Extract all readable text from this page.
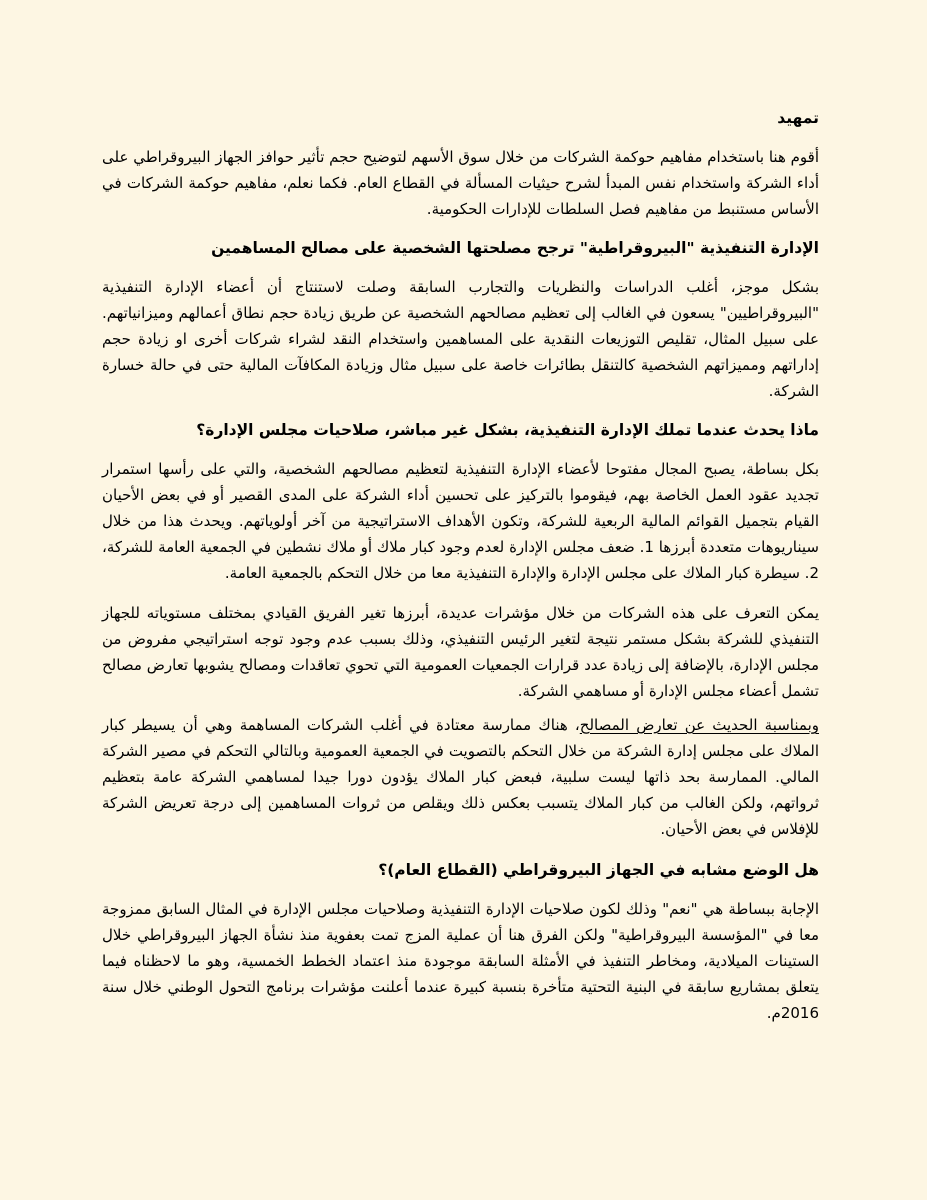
تمهيد

أقوم هنا باستخدام مفاهيم حوكمة الشركات من خلال سوق الأسهم لتوضيح حجم تأثير حوافز الجهاز البيروقراطي على أداء الشركة واستخدام نفس المبدأ لشرح حيثيات المسألة في القطاع العام. فكما نعلم، مفاهيم حوكمة الشركات في الأساس مستنبط من مفاهيم فصل السلطات للإدارات الحكومية.

الإدارة التنفيذية "البيروقراطية" ترجح مصلحتها الشخصية على مصالح المساهمين

بشكل موجز، أغلب الدراسات والنظريات والتجارب السابقة وصلت لاستنتاج أن أعضاء الإدارة التنفيذية "البيروقراطيين" يسعون في الغالب إلى تعظيم مصالحهم الشخصية عن طريق زيادة حجم نطاق أعمالهم وميزانياتهم. على سبيل المثال، تقليص التوزيعات النقدية على المساهمين واستخدام النقد لشراء شركات أخرى او زيادة حجم إداراتهم ومميزاتهم الشخصية كالتنقل بطائرات خاصة على سبيل مثال وزيادة المكافآت المالية حتى في حالة خسارة الشركة.

ماذا يحدث عندما تملك الإدارة التنفيذية، بشكل غير مباشر، صلاحيات مجلس الإدارة؟

بكل بساطة، يصبح المجال مفتوحا لأعضاء الإدارة التنفيذية لتعظيم مصالحهم الشخصية، والتي على رأسها استمرار تجديد عقود العمل الخاصة بهم، فيقوموا بالتركيز على تحسين أداء الشركة على المدى القصير أو في بعض الأحيان القيام بتجميل القوائم المالية الربعية للشركة، وتكون الأهداف الاستراتيجية من آخر أولوياتهم. ويحدث هذا من خلال سيناريوهات متعددة أبرزها 1. ضعف مجلس الإدارة لعدم وجود كبار ملاك أو ملاك نشطين في الجمعية العامة للشركة، 2. سيطرة كبار الملاك على مجلس الإدارة والإدارة التنفيذية معا من خلال التحكم بالجمعية العامة.

يمكن التعرف على هذه الشركات من خلال مؤشرات عديدة، أبرزها تغير الفريق القيادي بمختلف مستوياته للجهاز التنفيذي للشركة بشكل مستمر نتيجة لتغير الرئيس التنفيذي، وذلك بسبب عدم وجود توجه استراتيجي مفروض من مجلس الإدارة، بالإضافة إلى زيادة عدد قرارات الجمعيات العمومية التي تحوي تعاقدات ومصالح يشوبها تعارض مصالح تشمل أعضاء مجلس الإدارة أو مساهمي الشركة.

وبمناسبة الحديث عن تعارض المصالح، هناك ممارسة معتادة في أغلب الشركات المساهمة وهي أن يسيطر كبار الملاك على مجلس إدارة الشركة من خلال التحكم بالتصويت في الجمعية العمومية وبالتالي التحكم في مصير الشركة المالي. الممارسة بحد ذاتها ليست سلبية، فبعض كبار الملاك يؤدون دورا جيدا لمساهمي الشركة عامة بتعظيم ثرواتهم، ولكن الغالب من كبار الملاك يتسبب بعكس ذلك ويقلص من ثروات المساهمين إلى درجة تعريض الشركة للإفلاس في بعض الأحيان.

هل الوضع مشابه في الجهاز البيروقراطي (القطاع العام)؟

الإجابة ببساطة هي "نعم" وذلك لكون صلاحيات الإدارة التنفيذية وصلاحيات مجلس الإدارة في المثال السابق ممزوجة معا في "المؤسسة البيروقراطية" ولكن الفرق هنا أن عملية المزج تمت بعفوية منذ نشأة الجهاز البيروقراطي خلال الستينات الميلادية، ومخاطر التنفيذ في الأمثلة السابقة موجودة منذ اعتماد الخطط الخمسية، وهو ما لاحظناه فيما يتعلق بمشاريع سابقة في البنية التحتية متأخرة بنسبة كبيرة عندما أعلنت مؤشرات برنامج التحول الوطني خلال سنة 2016م.
